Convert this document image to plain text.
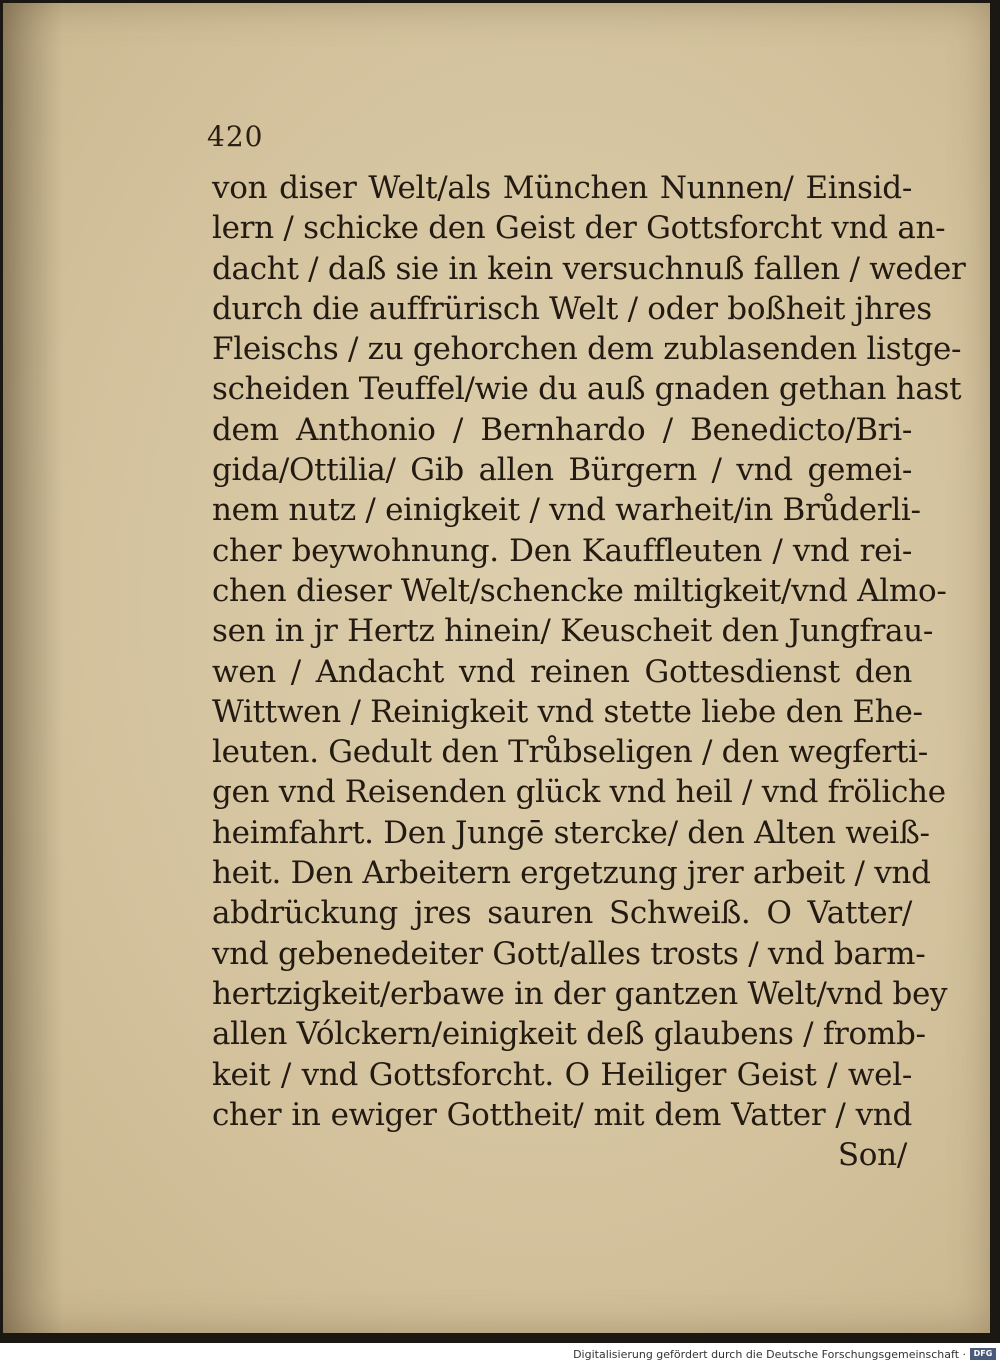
420
von diser Welt/als München Nunnen/ Einsid-
lern / schicke den Geist der Gottsforcht vnd an-
dacht / daß sie in kein versuchnuß fallen / weder
durch die auffrürisch Welt / oder boßheit jhres
Fleischs / zu gehorchen dem zublasenden listge-
scheiden Teuffel/wie du auß gnaden gethan hast
dem Anthonio / Bernhardo / Benedicto/Bri-
gida/Ottilia/ Gib allen Bürgern / vnd gemei-
nem nutz / einigkeit / vnd warheit/in Brůderli-
cher beywohnung. Den Kauffleuten / vnd rei-
chen dieser Welt/schencke miltigkeit/vnd Almo-
sen in jr Hertz hinein/ Keuscheit den Jungfrau-
wen / Andacht vnd reinen Gottesdienst den
Wittwen / Reinigkeit vnd stette liebe den Ehe-
leuten. Gedult den Trůbseligen / den wegferti-
gen vnd Reisenden glück vnd heil / vnd fröliche
heimfahrt. Den Jungē stercke/ den Alten weiß-
heit. Den Arbeitern ergetzung jrer arbeit / vnd
abdrückung jres sauren Schweiß. O Vatter/
vnd gebenedeiter Gott/alles trosts / vnd barm-
hertzigkeit/erbawe in der gantzen Welt/vnd bey
allen Vólckern/einigkeit deß glaubens / fromb-
keit / vnd Gottsforcht. O Heiliger Geist / wel-
cher in ewiger Gottheit/ mit dem Vatter / vnd
Son/
Digitalisierung gefördert durch die Deutsche Forschungsgemeinschaft · DFG
